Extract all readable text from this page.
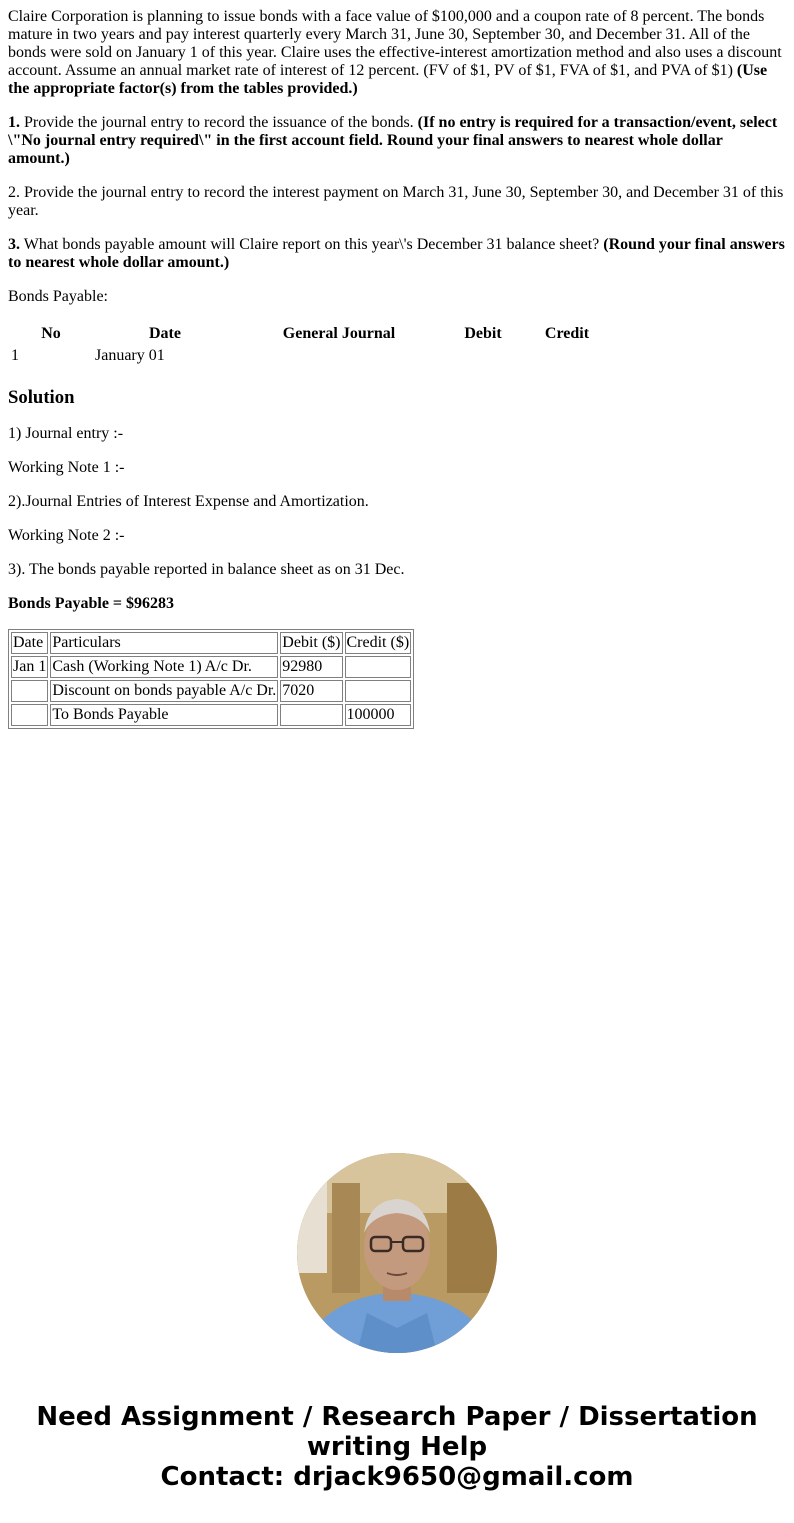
Claire Corporation is planning to issue bonds with a face value of $100,000 and a coupon rate of 8 percent. The bonds mature in two years and pay interest quarterly every March 31, June 30, September 30, and December 31. All of the bonds were sold on January 1 of this year. Claire uses the effective-interest amortization method and also uses a discount account. Assume an annual market rate of interest of 12 percent. (FV of $1, PV of $1, FVA of $1, and PVA of $1) (Use the appropriate factor(s) from the tables provided.)

1. Provide the journal entry to record the issuance of the bonds. (If no entry is required for a transaction/event, select \"No journal entry required\" in the first account field. Round your final answers to nearest whole dollar amount.)

2. Provide the journal entry to record the interest payment on March 31, June 30, September 30, and December 31 of this year.

3. What bonds payable amount will Claire report on this year\'s December 31 balance sheet? (Round your final answers to nearest whole dollar amount.)

Bonds Payable:

No	Date	General Journal	Debit	Credit
1	January 01			
Solution

1) Journal entry :-

Working Note 1 :-

2).Journal Entries of Interest Expense and Amortization.

Working Note 2 :-

3). The bonds payable reported in balance sheet as on 31 Dec.

Bonds Payable = $96283

Date	Particulars	Debit ($)	Credit ($)
Jan 1	Cash (Working Note 1) A/c Dr.	92980	
	Discount on bonds payable A/c Dr.	7020	
	To Bonds Payable		100000
Need Assignment / Research Paper / Dissertation
writing Help
Contact: drjack9650@gmail.com
